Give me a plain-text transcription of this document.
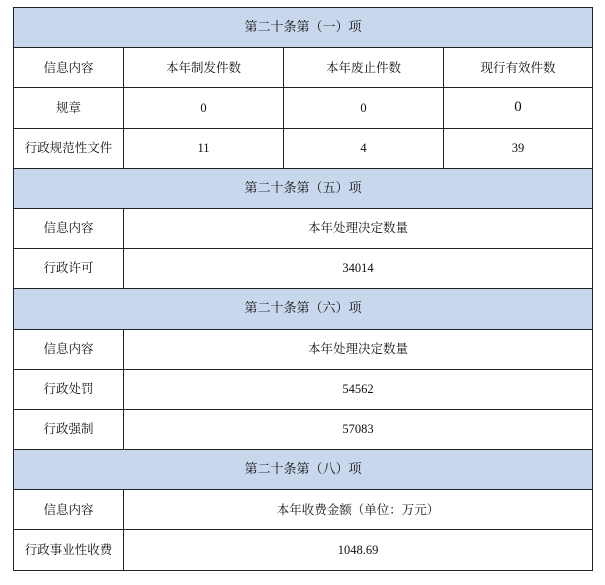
第二十条第（一）项			
信息内容	本年制发件数	本年废止件数	现行有效件数
规章	0	0	0
行政规范性文件	11	4	39
第二十条第（五）项			
信息内容	本年处理决定数量		
行政许可	34014		
第二十条第（六）项			
信息内容	本年处理决定数量		
行政处罚	54562		
行政强制	57083		
第二十条第（八）项			
信息内容	本年收费金额（单位：万元）		
行政事业性收费	1048.69		
